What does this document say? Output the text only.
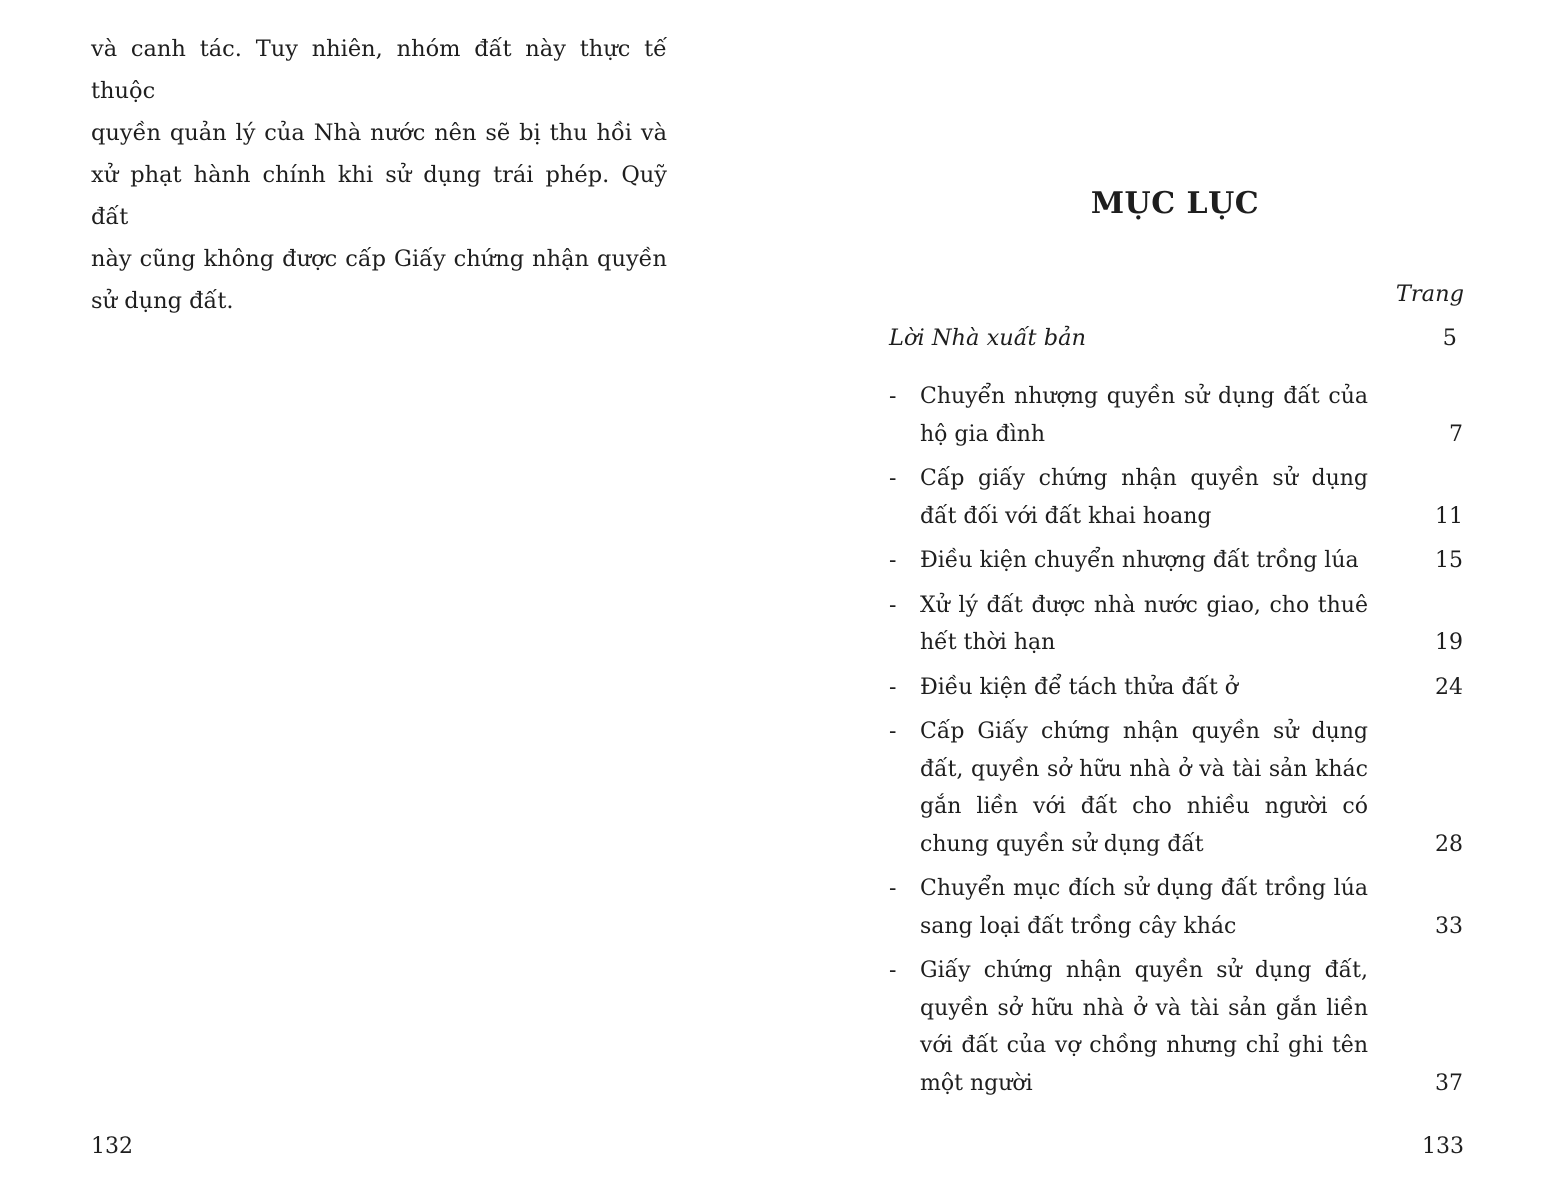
và canh tác. Tuy nhiên, nhóm đất này thực tế thuộc
quyền quản lý của Nhà nước nên sẽ bị thu hồi và
xử phạt hành chính khi sử dụng trái phép. Quỹ đất
này cũng không được cấp Giấy chứng nhận quyền
sử dụng đất.

132
MỤC LỤC
Trang
Lời Nhà xuất bản	5
- Chuyển nhượng quyền sử dụng đất của
hộ gia đình	7
- Cấp giấy chứng nhận quyền sử dụng
đất đối với đất khai hoang	11
- Điều kiện chuyển nhượng đất trồng lúa	15
- Xử lý đất được nhà nước giao, cho thuê
hết thời hạn	19
- Điều kiện để tách thửa đất ở	24
- Cấp Giấy chứng nhận quyền sử dụng
đất, quyền sở hữu nhà ở và tài sản khác
gắn liền với đất cho nhiều người có
chung quyền sử dụng đất	28
- Chuyển mục đích sử dụng đất trồng lúa
sang loại đất trồng cây khác	33
- Giấy chứng nhận quyền sử dụng đất,
quyền sở hữu nhà ở và tài sản gắn liền
với đất của vợ chồng nhưng chỉ ghi tên
một người	37
133
